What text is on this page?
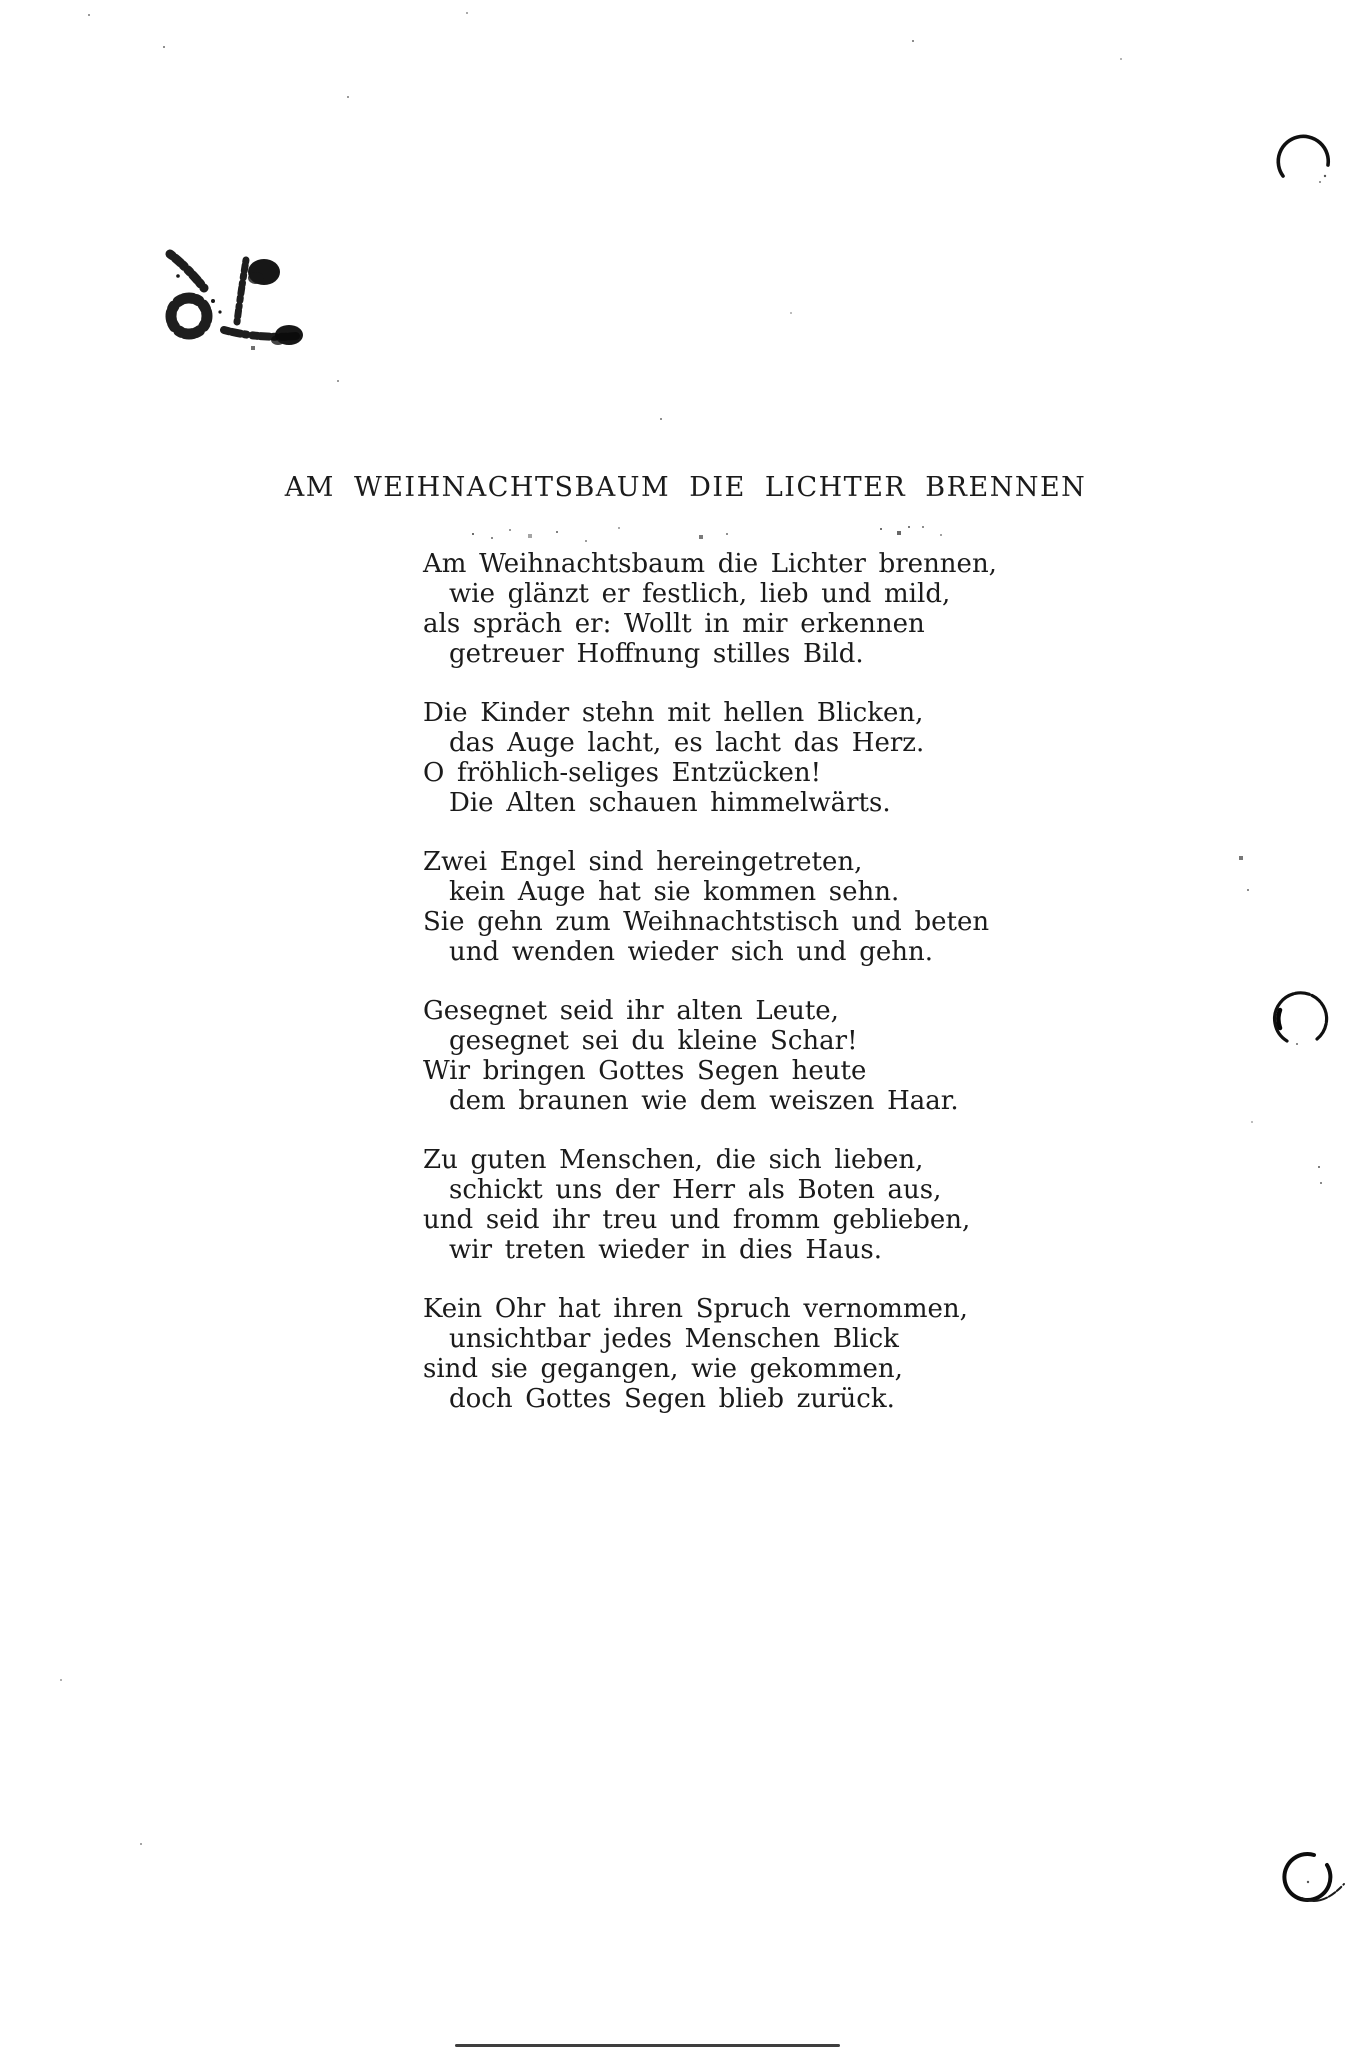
AM WEIHNACHTSBAUM DIE LICHTER BRENNEN
Am Weihnachtsbaum die Lichter brennen,
wie glänzt er festlich, lieb und mild,
als spräch er: Wollt in mir erkennen
getreuer Hoffnung stilles Bild.
Die Kinder stehn mit hellen Blicken,
das Auge lacht, es lacht das Herz.
O fröhlich-seliges Entzücken!
Die Alten schauen himmelwärts.
Zwei Engel sind hereingetreten,
kein Auge hat sie kommen sehn.
Sie gehn zum Weihnachtstisch und beten
und wenden wieder sich und gehn.
Gesegnet seid ihr alten Leute,
gesegnet sei du kleine Schar!
Wir bringen Gottes Segen heute
dem braunen wie dem weiszen Haar.
Zu guten Menschen, die sich lieben,
schickt uns der Herr als Boten aus,
und seid ihr treu und fromm geblieben,
wir treten wieder in dies Haus.
Kein Ohr hat ihren Spruch vernommen,
unsichtbar jedes Menschen Blick
sind sie gegangen, wie gekommen,
doch Gottes Segen blieb zurück.
